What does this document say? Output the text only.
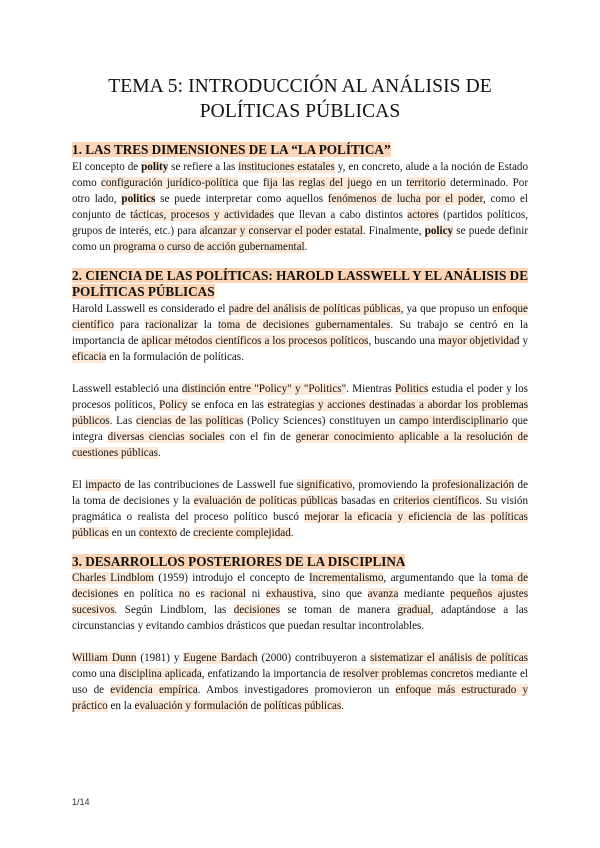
TEMA 5: INTRODUCCIÓN AL ANÁLISIS DE
POLÍTICAS PÚBLICAS
1. LAS TRES DIMENSIONES DE LA “LA POLÍTICA”

El concepto de polity se refiere a las instituciones estatales y, en concreto, alude a la noción de Estado como configuración jurídico-política que fija las reglas del juego en un territorio determinado. Por otro lado, politics se puede interpretar como aquellos fenómenos de lucha por el poder, como el conjunto de tácticas, procesos y actividades que llevan a cabo distintos actores (partidos políticos, grupos de interés, etc.) para alcanzar y conservar el poder estatal. Finalmente, policy se puede definir como un programa o curso de acción gubernamental.

2. CIENCIA DE LAS POLÍTICAS: HAROLD LASSWELL Y EL ANÁLISIS DE POLÍTICAS PÚBLICAS

Harold Lasswell es considerado el padre del análisis de políticas públicas, ya que propuso un enfoque científico para racionalizar la toma de decisiones gubernamentales. Su trabajo se centró en la importancia de aplicar métodos científicos a los procesos políticos, buscando una mayor objetividad y eficacia en la formulación de políticas.

Lasswell estableció una distinción entre "Policy" y "Politics". Mientras Politics estudia el poder y los procesos políticos, Policy se enfoca en las estrategias y acciones destinadas a abordar los problemas públicos. Las ciencias de las políticas (Policy Sciences) constituyen un campo interdisciplinario que integra diversas ciencias sociales con el fin de generar conocimiento aplicable a la resolución de cuestiones públicas.

El impacto de las contribuciones de Lasswell fue significativo, promoviendo la profesionalización de la toma de decisiones y la evaluación de políticas públicas basadas en criterios científicos. Su visión pragmática o realista del proceso político buscó mejorar la eficacia y eficiencia de las políticas públicas en un contexto de creciente complejidad.

3. DESARROLLOS POSTERIORES DE LA DISCIPLINA

Charles Lindblom (1959) introdujo el concepto de Incrementalismo, argumentando que la toma de decisiones en política no es racional ni exhaustiva, sino que avanza mediante pequeños ajustes sucesivos. Según Lindblom, las decisiones se toman de manera gradual, adaptándose a las circunstancias y evitando cambios drásticos que puedan resultar incontrolables.

William Dunn (1981) y Eugene Bardach (2000) contribuyeron a sistematizar el análisis de políticas como una disciplina aplicada, enfatizando la importancia de resolver problemas concretos mediante el uso de evidencia empírica. Ambos investigadores promovieron un enfoque más estructurado y práctico en la evaluación y formulación de políticas públicas.

1/14
